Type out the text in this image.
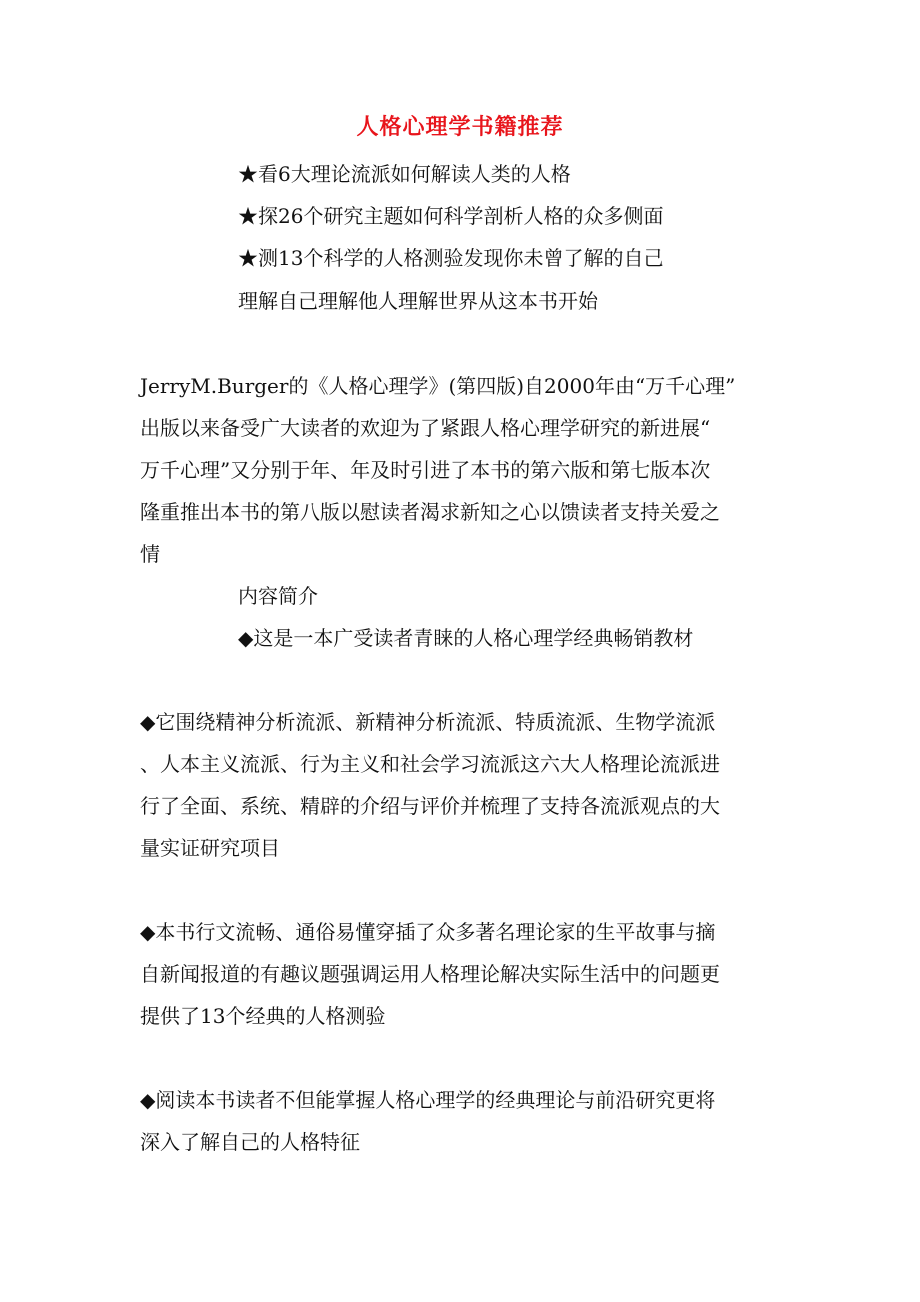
人格心理学书籍推荐
★看6大理论流派如何解读人类的人格
★探26个研究主题如何科学剖析人格的众多侧面
★测13个科学的人格测验发现你未曾了解的自己
理解自己理解他人理解世界从这本书开始
JerryM.Burger的《人格心理学》(第四版)自2000年由“万千心理”
出版以来备受广大读者的欢迎为了紧跟人格心理学研究的新进展“
万千心理”又分别于年、年及时引进了本书的第六版和第七版本次
隆重推出本书的第八版以慰读者渴求新知之心以馈读者支持关爱之
情
内容简介
◆这是一本广受读者青睐的人格心理学经典畅销教材
◆它围绕精神分析流派、新精神分析流派、特质流派、生物学流派
、人本主义流派、行为主义和社会学习流派这六大人格理论流派进
行了全面、系统、精辟的介绍与评价并梳理了支持各流派观点的大
量实证研究项目
◆本书行文流畅、通俗易懂穿插了众多著名理论家的生平故事与摘
自新闻报道的有趣议题强调运用人格理论解决实际生活中的问题更
提供了13个经典的人格测验
◆阅读本书读者不但能掌握人格心理学的经典理论与前沿研究更将
深入了解自己的人格特征
